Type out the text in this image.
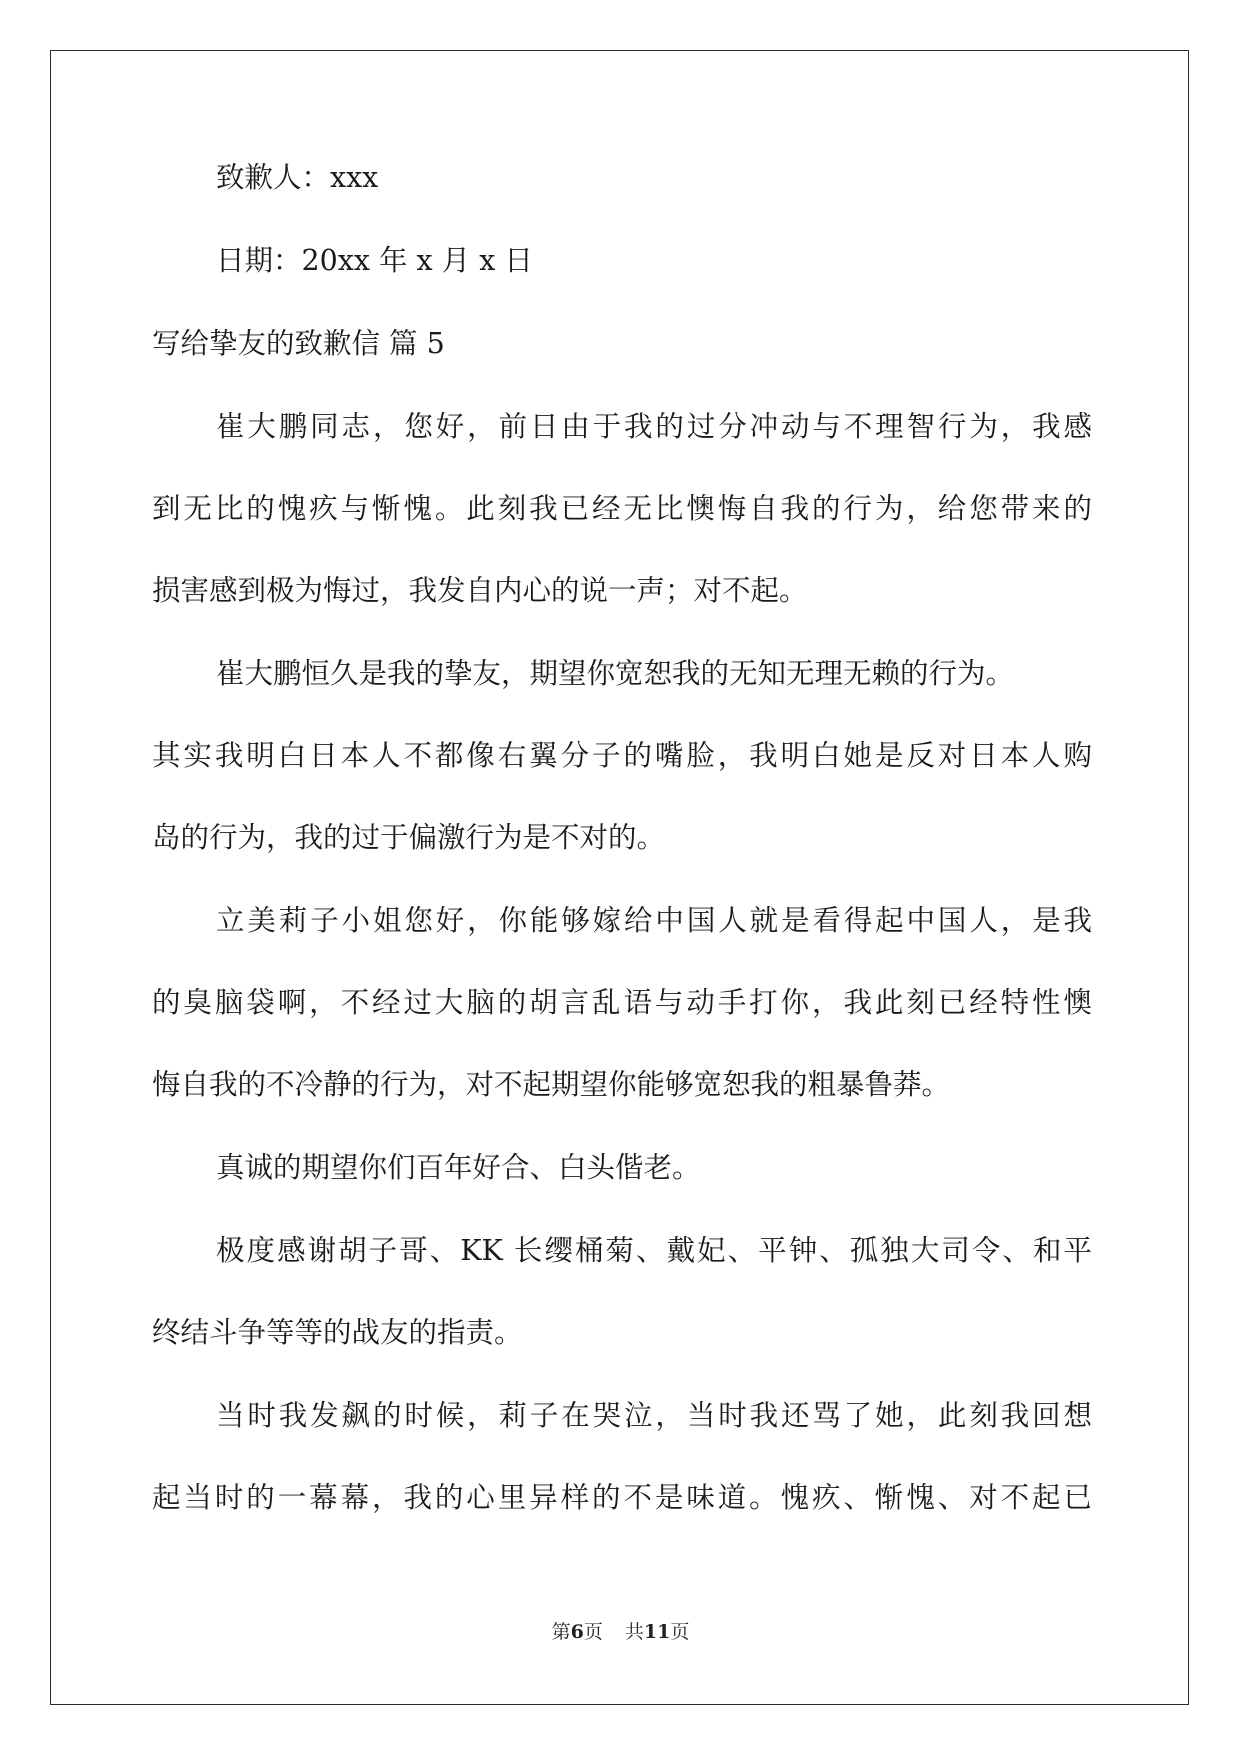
致歉人：xxx

日期：20xx 年 x 月 x 日

写给挚友的致歉信 篇 5

崔大鹏同志，您好，前日由于我的过分冲动与不理智行为，我感

到无比的愧疚与惭愧。此刻我已经无比懊悔自我的行为，给您带来的

损害感到极为悔过，我发自内心的说一声；对不起。

崔大鹏恒久是我的挚友，期望你宽恕我的无知无理无赖的行为。

其实我明白日本人不都像右翼分子的嘴脸，我明白她是反对日本人购

岛的行为，我的过于偏激行为是不对的。

立美莉子小姐您好，你能够嫁给中国人就是看得起中国人，是我

的臭脑袋啊，不经过大脑的胡言乱语与动手打你，我此刻已经特性懊

悔自我的不冷静的行为，对不起期望你能够宽恕我的粗暴鲁莽。

真诚的期望你们百年好合、白头偕老。

极度感谢胡子哥、KK 长缨桶菊、戴妃、平钟、孤独大司令、和平

终结斗争等等的战友的指责。

当时我发飙的时候，莉子在哭泣，当时我还骂了她，此刻我回想

起当时的一幕幕，我的心里异样的不是味道。愧疚、惭愧、对不起已

第6页 共11页
